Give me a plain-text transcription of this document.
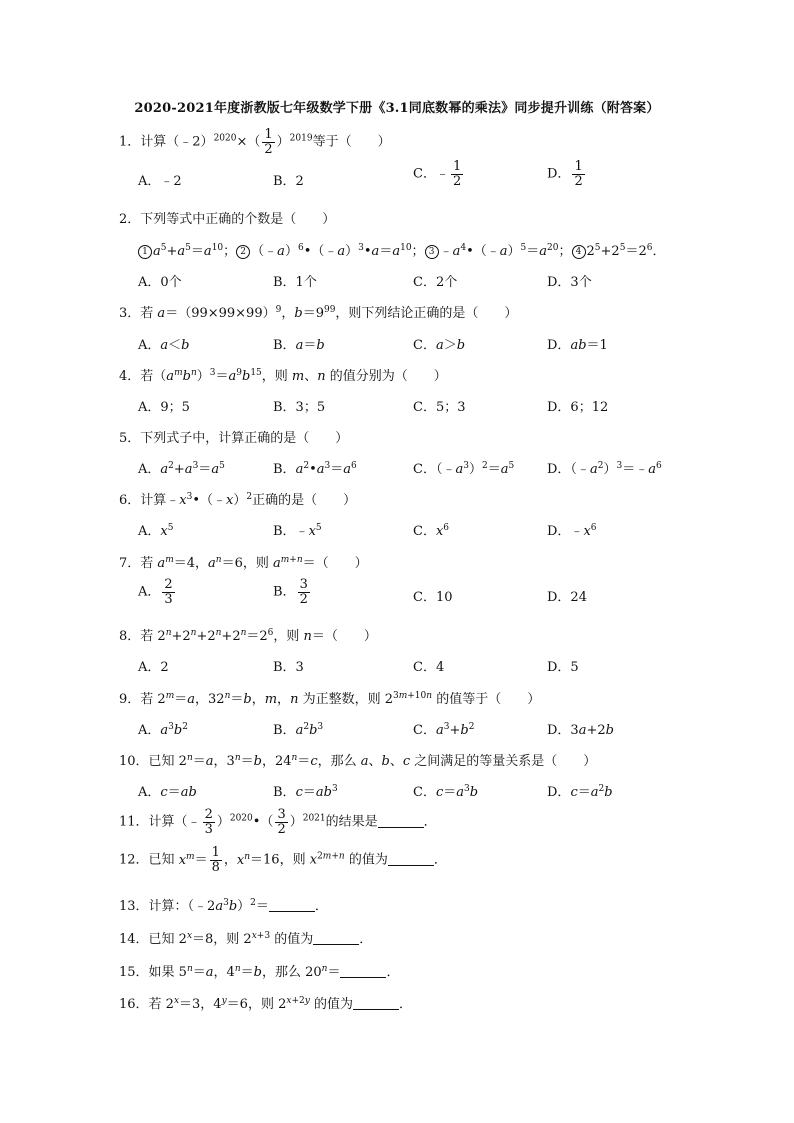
2020-2021年度浙教版七年级数学下册《3.1同底数幂的乘法》同步提升训练（附答案）
1．计算（﹣2）$^{2020}$×（ $\frac{1}{2} )^{2019}$等于（　　）
A．﹣2	B．2	C．﹣ $\frac{1}{2}$	D． $\frac{1}{2}$
2．下列等式中正确的个数是（　　）
1 $a^5+a^5=a^{10}$； 2 $(﹣a)^6•(﹣a)^3•a=a^{10}$； 3 $﹣a^4•(﹣a)^5=a^{20}$； 4 $2^5+2^5=2^6$．
A．0个	B．1个	C．2个	D．3个
3．若 $a=(99\times 99\times 99)^9$，$b=9^{99}$，则下列结论正确的是（　　）
A．a＜b	B．a＝b	C．a＞b	D．ab＝1
4．若$(a^mb^n)^3=a^9b^{15}$，则 m、n 的值分别为（　　）
A．9；5	B．3；5	C．5；3	D．6；12
5．下列式子中，计算正确的是（　　）
A．$a^2+a^3=a^5$	B．$a^2•a^3=a^6$	C．$(﹣a^3)^2=a^5$	D．$(﹣a^2)^3=﹣a^6$
6．计算$﹣x^3•(﹣x)^2$正确的是（　　）
A．$x^5$	B．$﹣x^5$	C．$x^6$	D．$﹣x^6$
7．若 $a^m=4$，$a^n=6$，则 $a^{m+n}=$（　　）
A． $\frac{2}{3}$	B． $\frac{3}{2}$	C．10	D．24
8．若 $2^n+2^n+2^n+2^n=2^6$，则 n＝（　　）
A．2	B．3	C．4	D．5
9．若 $2^m=a$，$32^n=b$，m，n 为正整数，则 $2^{3m+10n}$ 的值等于（　　）
A．$a^3b^2$	B．$a^2b^3$	C．$a^3+b^2$	D．3a+2b
10．已知 $2^n=a$，$3^n=b$，$24^n=c$，那么 a、b、c 之间满足的等量关系是（　　）
A．c＝ab	B．$c=ab^3$	C．$c=a^3b$	D．$c=a^2b$
11．计算（﹣ $\frac{2}{3}$ ）$^{2020}$•（ $\frac{3}{2} )^{2021}$的结果是	．
12．已知 $x^m= \frac{1}{8}$ ，$x^n=16$，则 $x^{2m+n}$ 的值为	．
13．计算：$(﹣2a^3b)^2=$	．
14．已知 $2^x=8$，则 $2^{x+3}$ 的值为	．
15．如果 $5^n=a$，$4^n=b$，那么 $20^n=$	．
16．若 $2^x=3$，$4^y=6$，则 $2^{x+2y}$ 的值为	．
